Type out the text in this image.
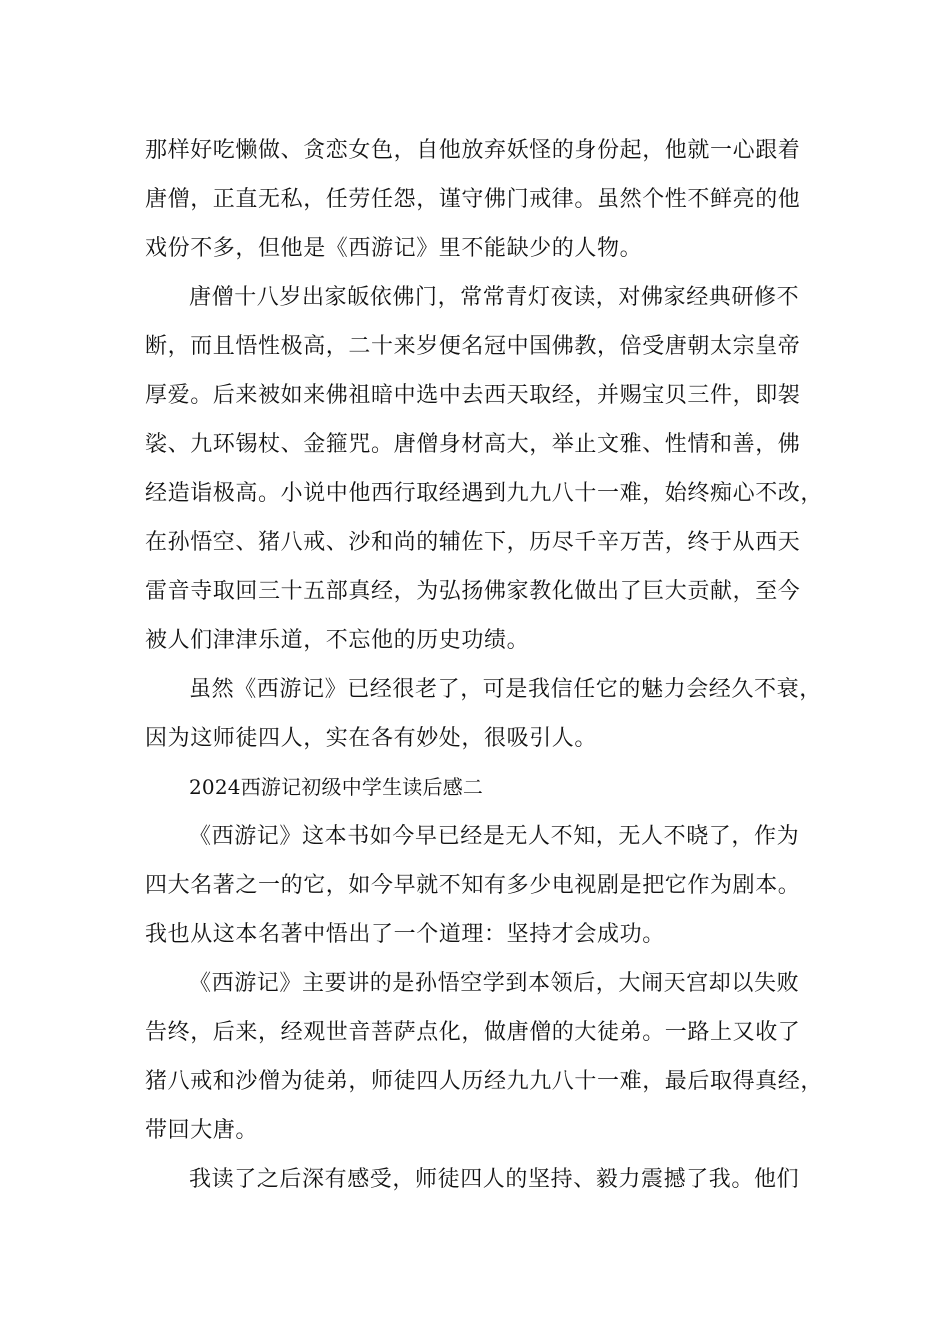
那样好吃懒做、贪恋女色，自他放弃妖怪的身份起，他就一心跟着
唐僧，正直无私，任劳任怨，谨守佛门戒律。虽然个性不鲜亮的他
戏份不多，但他是《西游记》里不能缺少的人物。
唐僧十八岁出家皈依佛门，常常青灯夜读，对佛家经典研修不
断，而且悟性极高，二十来岁便名冠中国佛教，倍受唐朝太宗皇帝
厚爱。后来被如来佛祖暗中选中去西天取经，并赐宝贝三件，即袈
裟、九环锡杖、金箍咒。唐僧身材高大，举止文雅、性情和善，佛
经造诣极高。小说中他西行取经遇到九九八十一难，始终痴心不改，
在孙悟空、猪八戒、沙和尚的辅佐下，历尽千辛万苦，终于从西天
雷音寺取回三十五部真经，为弘扬佛家教化做出了巨大贡献，至今
被人们津津乐道，不忘他的历史功绩。
虽然《西游记》已经很老了，可是我信任它的魅力会经久不衰，
因为这师徒四人，实在各有妙处，很吸引人。
2024西游记初级中学生读后感二
《西游记》这本书如今早已经是无人不知，无人不晓了，作为
四大名著之一的它，如今早就不知有多少电视剧是把它作为剧本。
我也从这本名著中悟出了一个道理：坚持才会成功。
《西游记》主要讲的是孙悟空学到本领后，大闹天宫却以失败
告终，后来，经观世音菩萨点化，做唐僧的大徒弟。一路上又收了
猪八戒和沙僧为徒弟，师徒四人历经九九八十一难，最后取得真经，
带回大唐。
我读了之后深有感受，师徒四人的坚持、毅力震撼了我。他们
